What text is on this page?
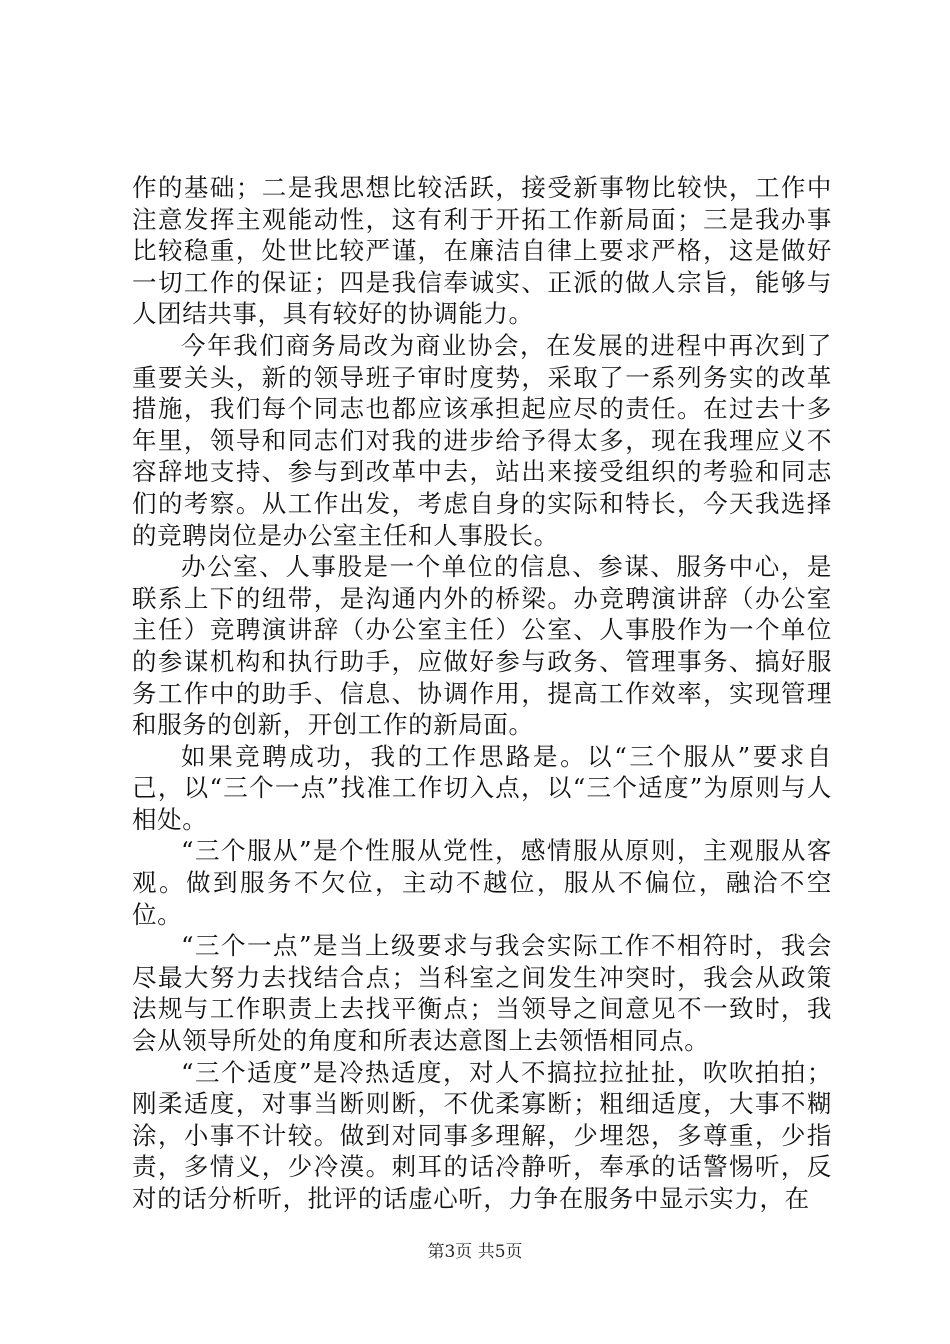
作的基础；二是我思想比较活跃，接受新事物比较快，工作中注意发挥主观能动性，这有利于开拓工作新局面；三是我办事比较稳重，处世比较严谨，在廉洁自律上要求严格，这是做好一切工作的保证；四是我信奉诚实、正派的做人宗旨，能够与人团结共事，具有较好的协调能力。

今年我们商务局改为商业协会，在发展的进程中再次到了重要关头，新的领导班子审时度势，采取了一系列务实的改革措施，我们每个同志也都应该承担起应尽的责任。在过去十多年里，领导和同志们对我的进步给予得太多，现在我理应义不容辞地支持、参与到改革中去，站出来接受组织的考验和同志们的考察。从工作出发，考虑自身的实际和特长，今天我选择的竞聘岗位是办公室主任和人事股长。

办公室、人事股是一个单位的信息、参谋、服务中心，是联系上下的纽带，是沟通内外的桥梁。办竞聘演讲辞（办公室主任）竞聘演讲辞（办公室主任）公室、人事股作为一个单位的参谋机构和执行助手，应做好参与政务、管理事务、搞好服务工作中的助手、信息、协调作用，提高工作效率，实现管理和服务的创新，开创工作的新局面。

如果竞聘成功，我的工作思路是。以“三个服从”要求自己，以“三个一点”找准工作切入点，以“三个适度”为原则与人相处。

“三个服从”是个性服从党性，感情服从原则，主观服从客观。做到服务不欠位，主动不越位，服从不偏位，融洽不空位。

“三个一点”是当上级要求与我会实际工作不相符时，我会尽最大努力去找结合点；当科室之间发生冲突时，我会从政策法规与工作职责上去找平衡点；当领导之间意见不一致时，我会从领导所处的角度和所表达意图上去领悟相同点。

“三个适度”是冷热适度，对人不搞拉拉扯扯，吹吹拍拍；刚柔适度，对事当断则断，不优柔寡断；粗细适度，大事不糊涂，小事不计较。做到对同事多理解，少埋怨，多尊重，少指责，多情义，少冷漠。刺耳的话冷静听，奉承的话警惕听，反对的话分析听，批评的话虚心听，力争在服务中显示实力，在

第3页 共5页
